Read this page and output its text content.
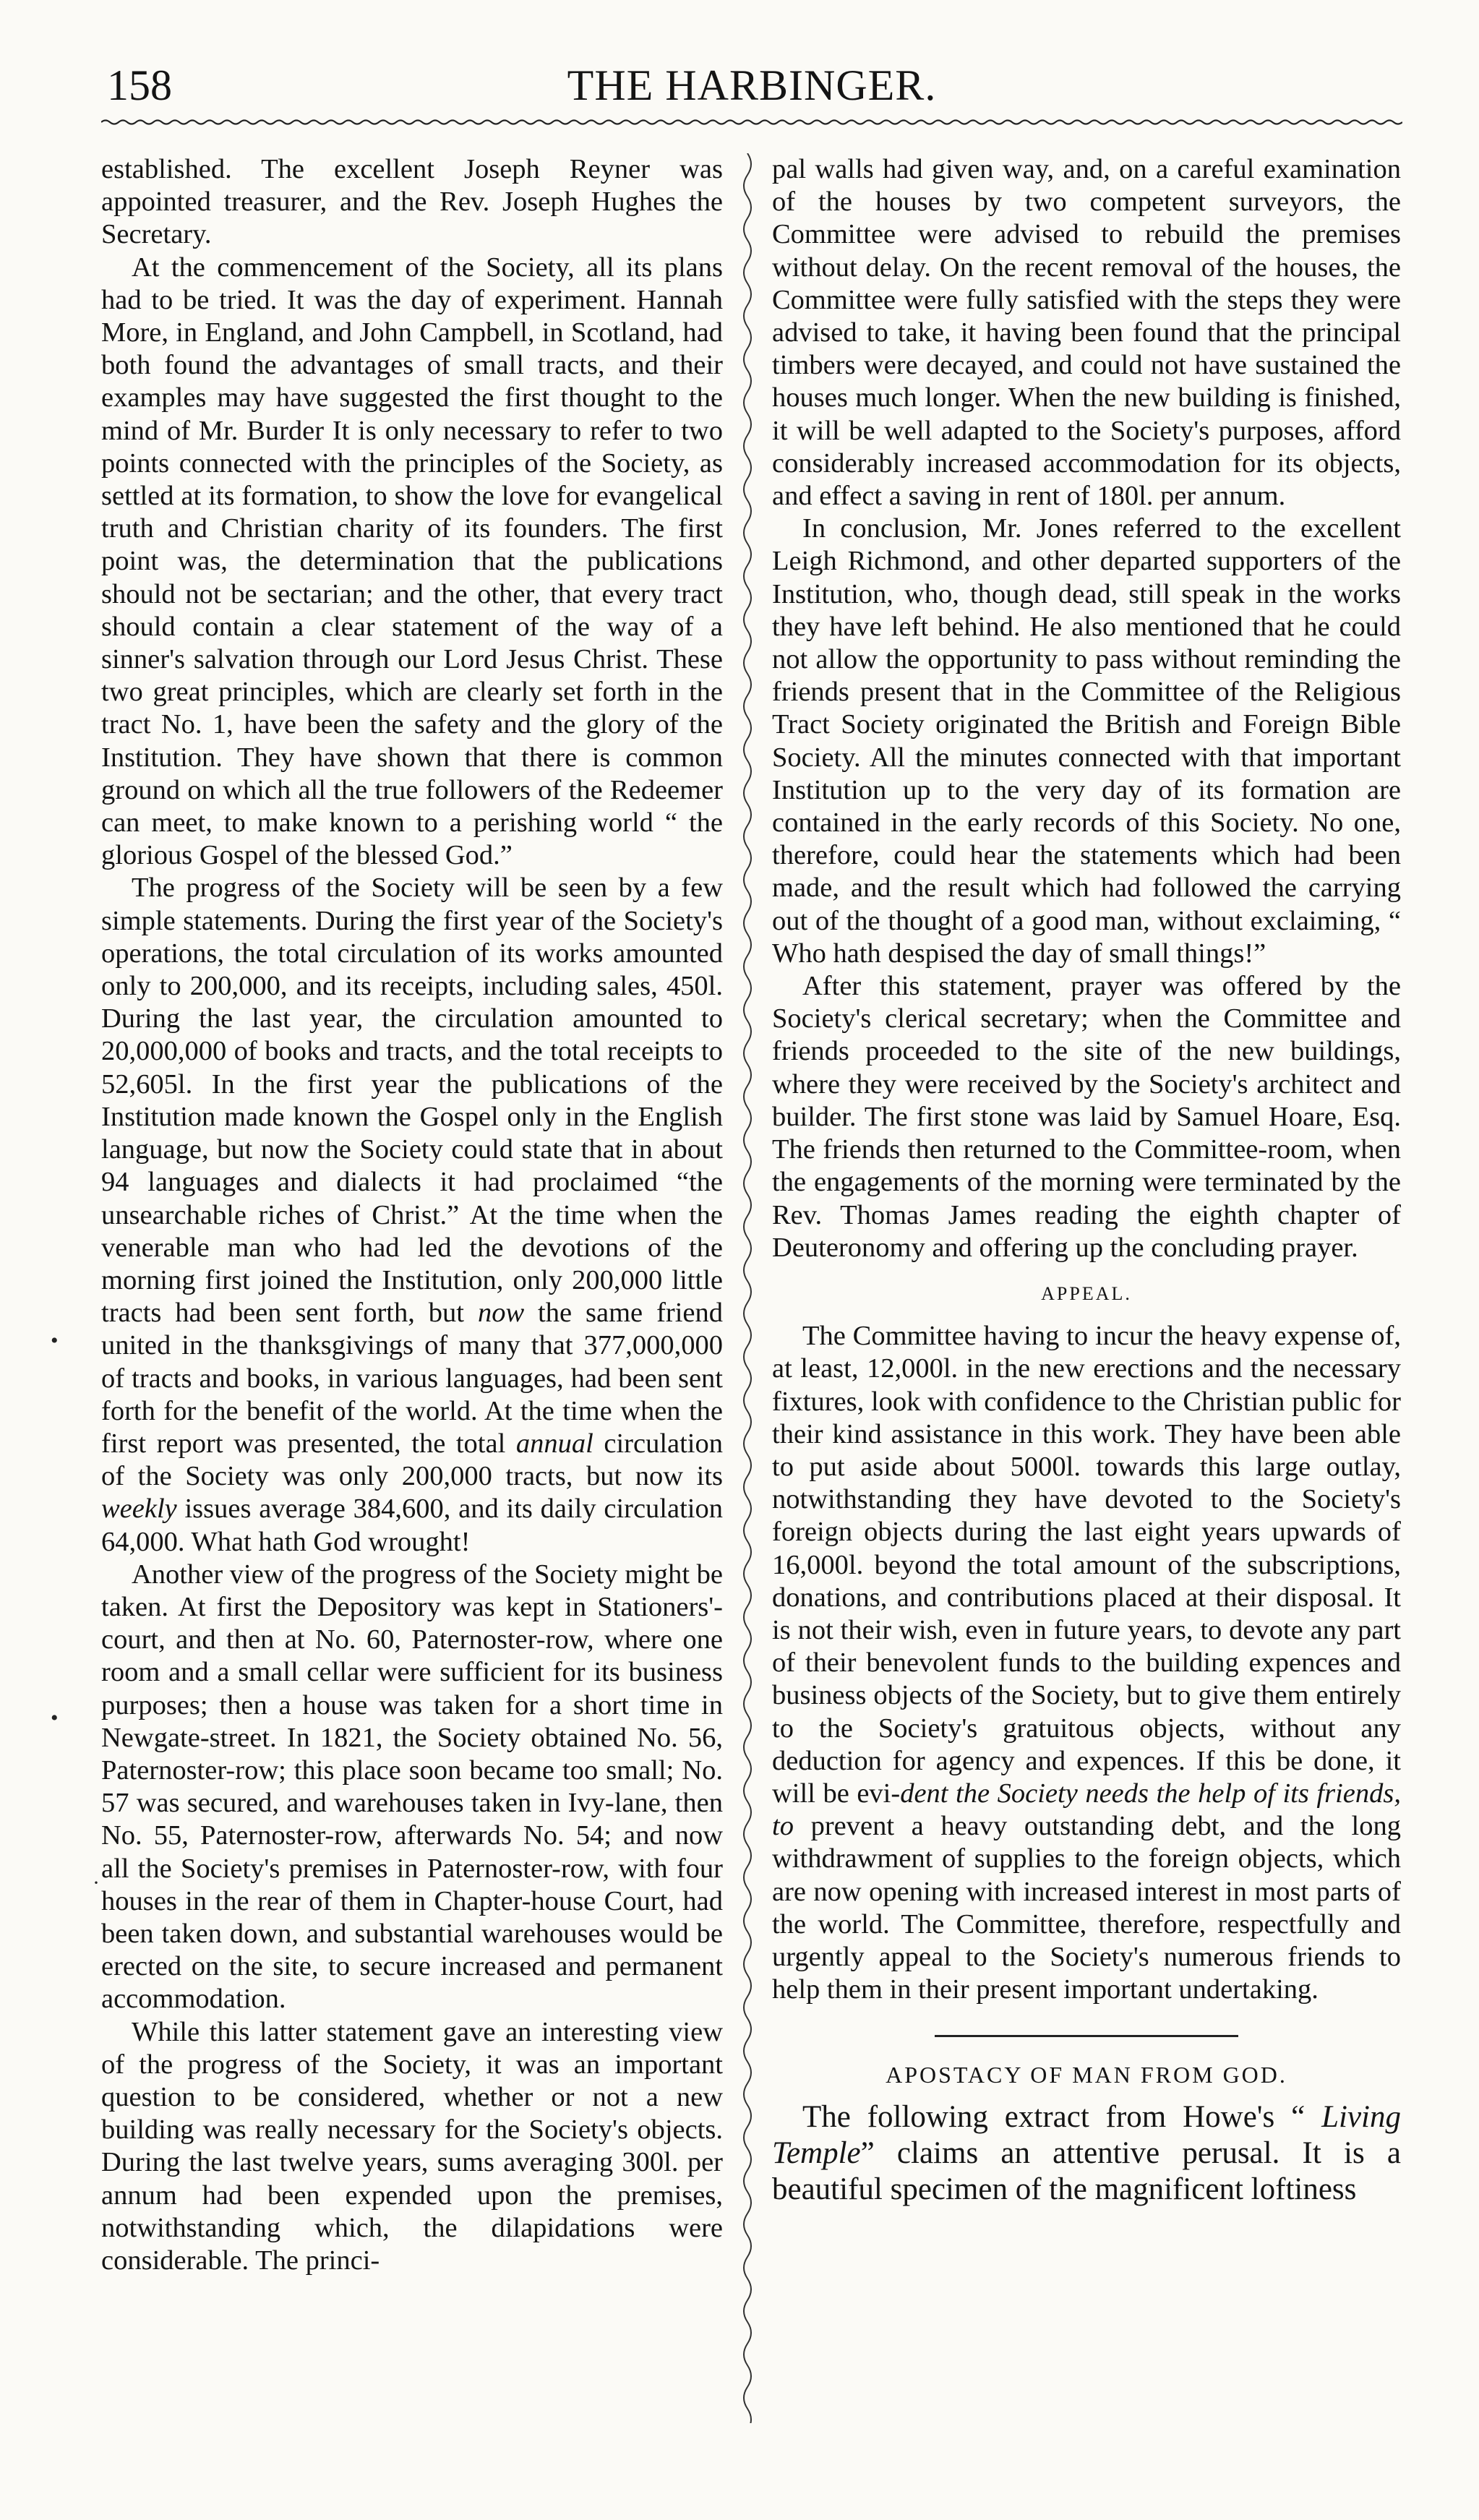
THE HARBINGER.
158

established. The excellent Joseph Reyner was appointed treasurer, and the Rev. Joseph Hughes the Secretary.

At the commencement of the Society, all its plans had to be tried. It was the day of experiment. Hannah More, in England, and John Campbell, in Scotland, had both found the advantages of small tracts, and their examples may have suggested the first thought to the mind of Mr. Burder It is only necessary to refer to two points connected with the principles of the Society, as settled at its formation, to show the love for evangelical truth and Christian charity of its founders. The first point was, the determination that the publications should not be sectarian; and the other, that every tract should contain a clear statement of the way of a sinner's salvation through our Lord Jesus Christ. These two great principles, which are clearly set forth in the tract No. 1, have been the safety and the glory of the Institution. They have shown that there is common ground on which all the true followers of the Redeemer can meet, to make known to a perishing world “ the glorious Gospel of the blessed God.”

The progress of the Society will be seen by a few simple statements. During the first year of the Society's operations, the total circulation of its works amounted only to 200,000, and its receipts, including sales, 450l. During the last year, the circulation amounted to 20,000,000 of books and tracts, and the total receipts to 52,605l. In the first year the publications of the Institution made known the Gospel only in the English language, but now the Society could state that in about 94 languages and dialects it had proclaimed “the unsearchable riches of Christ.” At the time when the venerable man who had led the devotions of the morning first joined the Institution, only 200,000 little tracts had been sent forth, but now the same friend united in the thanksgivings of many that 377,000,000 of tracts and books, in various languages, had been sent forth for the benefit of the world. At the time when the first report was presented, the total annual circulation of the Society was only 200,000 tracts, but now its weekly issues average 384,600, and its daily circulation 64,000. What hath God wrought!

Another view of the progress of the Society might be taken. At first the Depository was kept in Stationers'-court, and then at No. 60, Paternoster-row, where one room and a small cellar were sufficient for its business purposes; then a house was taken for a short time in Newgate-street. In 1821, the Society obtained No. 56, Paternoster-row; this place soon became too small; No. 57 was secured, and warehouses taken in Ivy-lane, then No. 55, Paternoster-row, afterwards No. 54; and now all the Society's premises in Paternoster-row, with four houses in the rear of them in Chapter-house Court, had been taken down, and substantial warehouses would be erected on the site, to secure increased and permanent accommodation.

While this latter statement gave an interesting view of the progress of the Society, it was an important question to be considered, whether or not a new building was really necessary for the Society's objects. During the last twelve years, sums averaging 300l. per annum had been expended upon the premises, notwithstanding which, the dilapidations were considerable. The princi-

pal walls had given way, and, on a careful examination of the houses by two competent surveyors, the Committee were advised to rebuild the premises without delay. On the recent removal of the houses, the Committee were fully satisfied with the steps they were advised to take, it having been found that the principal timbers were decayed, and could not have sustained the houses much longer. When the new building is finished, it will be well adapted to the Society's purposes, afford considerably increased accommodation for its objects, and effect a saving in rent of 180l. per annum.

In conclusion, Mr. Jones referred to the excellent Leigh Richmond, and other departed supporters of the Institution, who, though dead, still speak in the works they have left behind. He also mentioned that he could not allow the opportunity to pass without reminding the friends present that in the Committee of the Religious Tract Society originated the British and Foreign Bible Society. All the minutes connected with that important Institution up to the very day of its formation are contained in the early records of this Society. No one, therefore, could hear the statements which had been made, and the result which had followed the carrying out of the thought of a good man, without exclaiming, “ Who hath despised the day of small things!”

After this statement, prayer was offered by the Society's clerical secretary; when the Committee and friends proceeded to the site of the new buildings, where they were received by the Society's architect and builder. The first stone was laid by Samuel Hoare, Esq. The friends then returned to the Committee-room, when the engagements of the morning were terminated by the Rev. Thomas James reading the eighth chapter of Deuteronomy and offering up the concluding prayer.

APPEAL.

The Committee having to incur the heavy expense of, at least, 12,000l. in the new erections and the necessary fixtures, look with confidence to the Christian public for their kind assistance in this work. They have been able to put aside about 5000l. towards this large outlay, notwithstanding they have devoted to the Society's foreign objects during the last eight years upwards of 16,000l. beyond the total amount of the subscriptions, donations, and contributions placed at their disposal. It is not their wish, even in future years, to devote any part of their benevolent funds to the building expences and business objects of the Society, but to give them entirely to the Society's gratuitous objects, without any deduction for agency and expences. If this be done, it will be evi-dent the Society needs the help of its friends, to prevent a heavy outstanding debt, and the long withdrawment of supplies to the foreign objects, which are now opening with increased interest in most parts of the world. The Committee, therefore, respectfully and urgently appeal to the Society's numerous friends to help them in their present important undertaking.

APOSTACY OF MAN FROM GOD.

The following extract from Howe's “ Living Temple” claims an attentive perusal. It is a beautiful specimen of the magnificent loftiness

•
•
·
